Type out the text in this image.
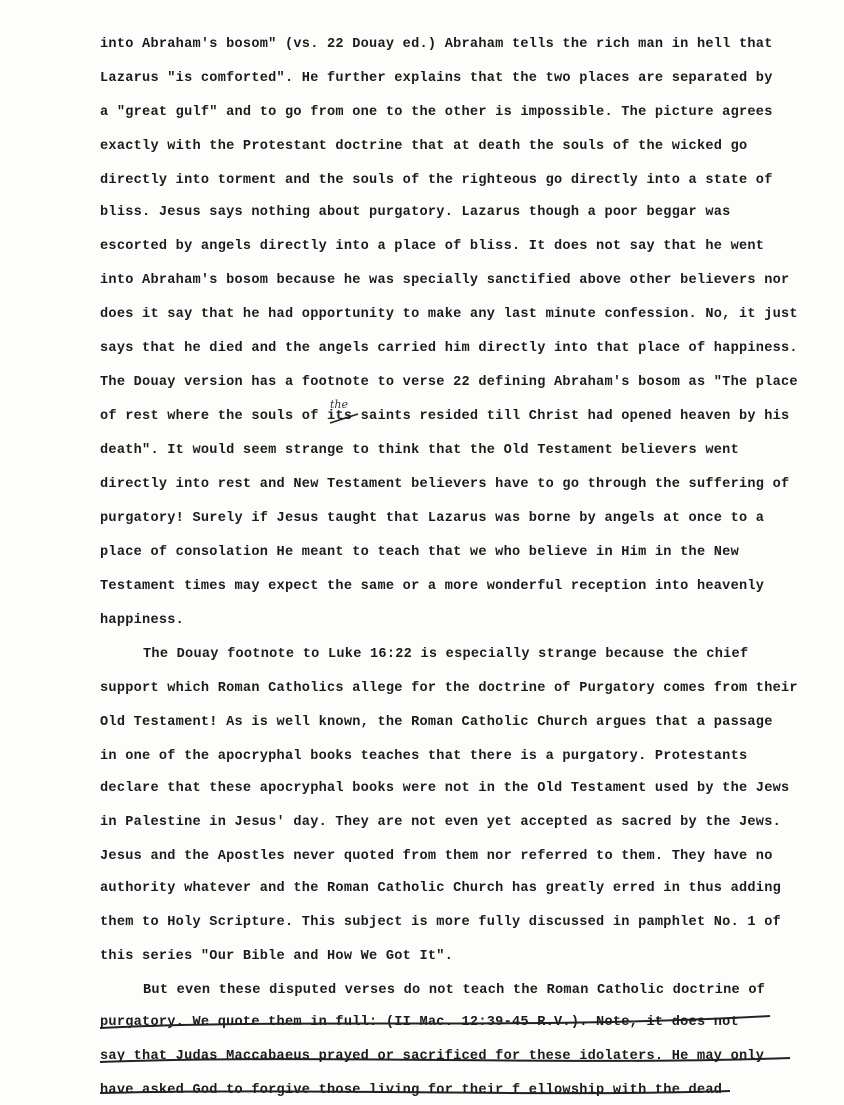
into Abraham's bosom" (vs. 22 Douay ed.) Abraham tells the rich man in hell that
Lazarus "is comforted". He further explains that the two places are separated by
a "great gulf" and to go from one to the other is impossible. The picture agrees
exactly with the Protestant doctrine that at death the souls of the wicked go
directly into torment and the souls of the righteous go directly into a state of
bliss. Jesus says nothing about purgatory. Lazarus though a poor beggar was
escorted by angels directly into a place of bliss. It does not say that he went
into Abraham's bosom because he was specially sanctified above other believers nor
does it say that he had opportunity to make any last minute confession. No, it just
says that he died and the angels carried him directly into that place of happiness.
The Douay version has a footnote to verse 22 defining Abraham's bosom as "The place
of rest where the souls of its saints resided till Christ had opened heaven by his
death". It would seem strange to think that the Old Testament believers went
directly into rest and New Testament believers have to go through the suffering of
purgatory! Surely if Jesus taught that Lazarus was borne by angels at once to a
place of consolation He meant to teach that we who believe in Him in the New
Testament times may expect the same or a more wonderful reception into heavenly
happiness.
The Douay footnote to Luke 16:22 is especially strange because the chief
support which Roman Catholics allege for the doctrine of Purgatory comes from their
Old Testament! As is well known, the Roman Catholic Church argues that a passage
in one of the apocryphal books teaches that there is a purgatory. Protestants
declare that these apocryphal books were not in the Old Testament used by the Jews
in Palestine in Jesus' day. They are not even yet accepted as sacred by the Jews.
Jesus and the Apostles never quoted from them nor referred to them. They have no
authority whatever and the Roman Catholic Church has greatly erred in thus adding
them to Holy Scripture. This subject is more fully discussed in pamphlet No. 1 of
this series "Our Bible and How We Got It".
But even these disputed verses do not teach the Roman Catholic doctrine of
purgatory. We quote them in full: (II Mac. 12:39-45 R.V.). Note, it does not
say that Judas Maccabaeus prayed or sacrificed for these idolaters. He may only
have asked God to forgive those living for their f ellowship with the dead
the
